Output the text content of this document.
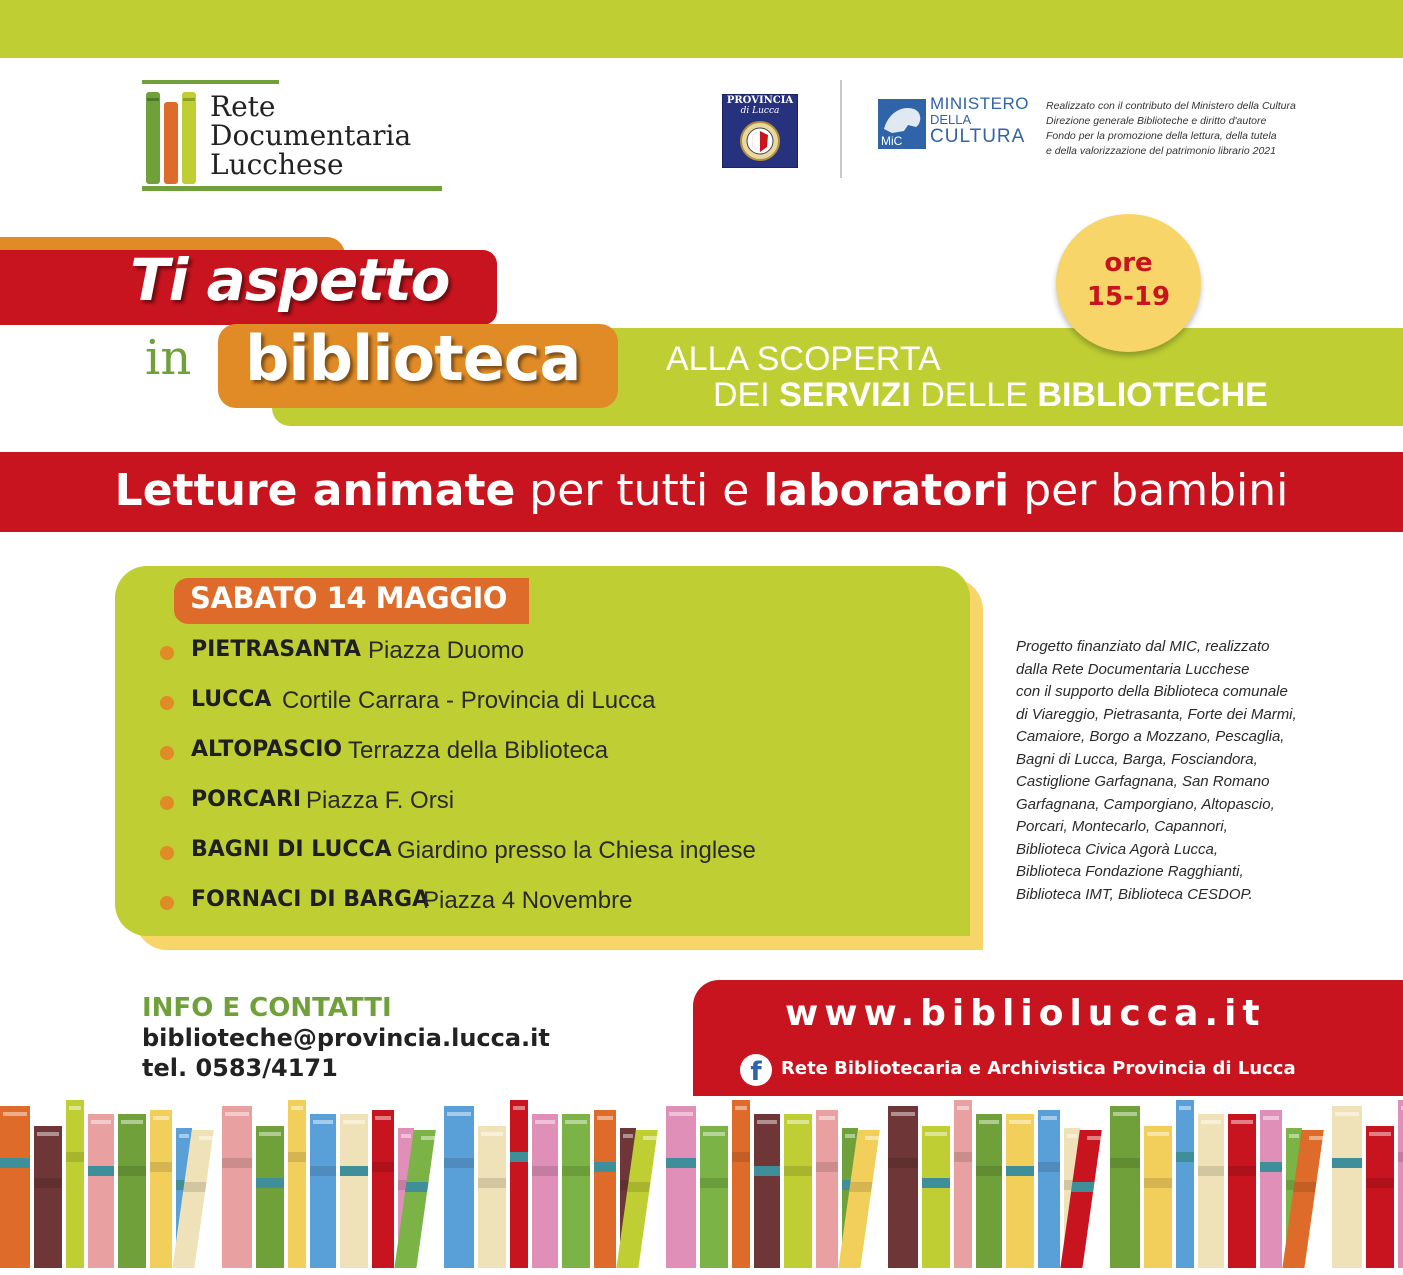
Rete
Documentaria
Lucchese
PROVINCIA
di Lucca
MiC
MINISTERO
DELLA
CULTURA
Realizzato con il contributo del Ministero della Cultura
Direzione generale Biblioteche e diritto d'autore
Fondo per la promozione della lettura, della tutela
e della valorizzazione del patrimonio librario 2021
Ti aspetto
in biblioteca	ALLA SCOPERTA
DEI SERVIZI DELLE BIBLIOTECHE
ore
15-19
Letture animate per tutti e laboratori per bambini
SABATO 14 MAGGIO
PIETRASANTA Piazza Duomo
LUCCA Cortile Carrara - Provincia di Lucca
ALTOPASCIO Terrazza della Biblioteca
PORCARI Piazza F. Orsi
BAGNI DI LUCCA Giardino presso la Chiesa inglese
FORNACI DI BARGA
Piazza 4 Novembre
Progetto finanziato dal MIC, realizzato
dalla Rete Documentaria Lucchese
con il supporto della Biblioteca comunale
di Viareggio, Pietrasanta, Forte dei Marmi,
Camaiore, Borgo a Mozzano, Pescaglia,
Bagni di Lucca, Barga, Fosciandora,
Castiglione Garfagnana, San Romano
Garfagnana, Camporgiano, Altopascio,
Porcari, Montecarlo, Capannori,
Biblioteca Civica Agorà Lucca,
Biblioteca Fondazione Ragghianti,
Biblioteca IMT, Biblioteca CESDOP.
INFO E CONTATTI
biblioteche@provincia.lucca.it
tel. 0583/4171
www.bibliolucca.it
f	Rete Bibliotecaria e Archivistica Provincia di Lucca
